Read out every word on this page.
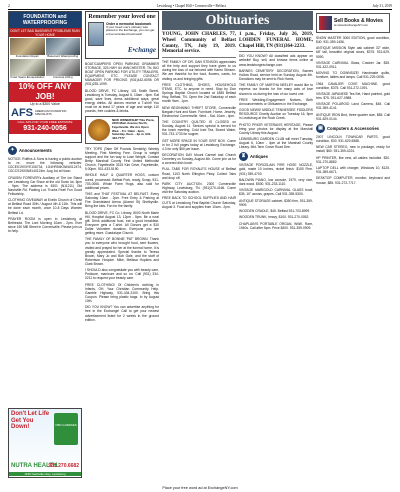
2	Lewisburg • Chapel Hill • Cornersville • Belfast	July 31, 2019
FOUNDATION and WATERPROOFING
DON'T LET BAD BASEMENT PROBLEMS RUIN YOUR HOME
Foundation Repair	Basement Waterproofing
Crawl Space Encapsulation	Concrete Lifting
10% OFF ANY JOB!
Up to a $300 Value
AFS AMERICAN FOUNDATION SPECIALISTS
CALL AFS FOR YOUR FREE ESTIMATE
931-240-0056
✦	Announcements
NOTICE: Ruffins & Sons is having a public auction to re- move the following vehicles: 1GCEK19V3YE106734, 1G4HR54K3WU012474, 1GCCS19X0N8140124m. Aug 1st at Noon.
CRUISIN FOREVER's Auxiliary of Tire Ice Stand are Lewisburg Car Show at the old Sonic lot. 5pm - 9pm. The address is 4501 (N11211) Old Nashville Rd. Parking Lot. Trucks Feat! Fun Good Fellowship.
CLOTHING GIVEAWAY at Evelin Church of Christ at Belfast Road 30th / August 4th & 11th. This will be done each month, once 10-8 Days Women Belfast Ld.
PRAYER ROOM is open in Lewisburg at Bethesda. The Lord Morning 10am - 2pm. Ever since 150 Mill Street in Cornersville. Please join us to help.
Don't Let Life Get You Down!	CBD GUMMIES
NUTRA HEALTH
931.270.6682
1195 Nashville Hwy, Lewisburg
Remember your loved one
Order a memorial bookmark
If your loved one's obituary was placed in the Exchange, you can get a free laminated bookmark!
E•change
BOAT/CAMPERS OPEN PARKING GRAMMER STORAGE, 323 HWY 64 WINCHESTER, TN. BIG BOAT OPEN PARKING FOR UTILITY TRAILERS, EQUIPMENT, ETC. PLEASE CONTACT MANAGER FOR PRICING (931)442-6098 OR (931)235-1099.
BLOOD DRIVE, FC Library, 101 Smith Street, Lewisburg is Tuesday, August 6, 10am - 6pm. Eat good, save lives, dress additional ways, great energy drinks. All donors receive a T-shirt! You must be at least 17 years of age and weigh 110 pounds, free cookies & drinks.
NEW OWNERSHIP Tibs Pizza, 2406 Main Avenue North, Fayetteville. We Are Open Wed. - Fri. 10am - 2pm, Saturday, 8a.m. - 2p.m. 931-433-7777
TRY TOPS (Take Off Pounds Sensibly) Weekly Meeting. First Meeting Free. Group is weight support and the fun way to Lose Weight. Contact Betty: Marshall County First United Methodist Church, Fayetteville 3315 Kim Drive, Fayetteville, 5:30pm. 931-433-5190.
WHOLE HALF & QUARTER HOGS, custom cured, processed. Belfast Pork, ready, Scrap, 931-703-0066. Whole Farm Hogs, also sold for additional prices.
THIS and THAT FESTIVAL AT BELFAST. Every Saturday 10am - 2pm. Free Entry & Parking at Fire Grandstand Arena (Alumni St) Shelbyville. Bring the kids. Fun for the family.
BLOOD DRIVE, FC Co. Library, 8000 North Marie Hill, Hospital August 13, 12pm - 5pm. Be a rural gift. Drink additional food, eat a good breakfast. Everyone gets a T-shirt. All Donors get a $10 Dollar Volunteer donation. Everyone you are getting more. Guadalupe Church.
THE FAMILY OF BONNIE 'PAT' BROWN. Thank you to everyone who brought food, sent flowers, visited and prayed for her at the funeral home. It is greatly appreciated. Special thanks to Teresa Brown, Mary Jo and Bob Gale, and the staff of Robertson Hospice. Mike, Melissa Hopkins and Clark Brown.
I SHOULD also congratulate you with beauty care, Pedicure, manicure and so on. Call (931) 334-0211 to request your beauty care.
FREE CLOTHING! Of Children's clothing in Infants, OH. Your Christian Community Help. Gamble Highway, 931-434-3100. Bring this Coupon. Please bring plastic bags. In by August 10th.
DID YOU KNOW? You can advertise anything for free in the Exchange! Call to get your newest advertisement listed for 2 weeks in the ground edition.
Obituaries
YOUNG, JOHN CHARLES, 77, Wheel Community of Belfast County, TN, July 19, 2019. Memorial service.
THE FAMILY OF DR. DAN STINSON appreciates all the help and support they have given to us during the loss of our beloved wife Karen Stinson. We are thankful for the food, flowers, cards, for visiting us and bringing gifts.
FREE CLOTHING, SHOES, HOUSEHOLD ITEMS, ETC. to anyone in need. Stop by Zion Springs Baptist Church located at 1885 Belfast Hwy, Belfast, TN. Open the 2nd Saturday of each month 9am - 1pm.
NEW BEGINNING THRIFT STORE, Cornersville Bargain Hunt and More. Furniture, Home, Jewelry, Electronics! Cornersville. Wed. - Sat. 10am - 4pm.
THE COUNTRY QUILTED IS CLOSED on Sunday, August 11. Seniors special is served for the lunch meeting. Cold Iced Tea, Boxed Water, 931-733-1733 for supper.
GET MORE SPACE IN YOUR GRIT BOX. Come in for 2 full pages today at Lewisburg Exchange. 4.3 for only $50 per issue.
DECORATION DAY Mount Carmel and Church Cemetery on Sunday, August 4th. Come join us for a covered dish lunch.
PULL TABS FOR ROYALE'S HOUSE of Belfast Road, 1103 North Ellington Pkwy. Collect Tabs and drop off.
PARK CITY AUCTION. 2300 Cornersville Highway, Lewisburg, TN. (931)270-4166. Come visit the Saturday auction.
FREE BACK TO SCHOOL SUPPLIES AND HAIR CUTS at Lewisburg First Baptist Church Saturday, August 3. Food and supplies from 10am - 2pm.
1 p.m., Friday, July 26, 2019, LOHDEN FUNERAL HOME, Chapel Hill, TN (931)364-2233.
DID YOU KNOW? All classified ads appear on website! Buy, sell, and browse items online at www.lewisburgexchange.com.
BARNES CEMETERY DECORATION, Barnes Hollow Road, service held on Sunday, August 4th. Donations may be sent to Rick Harris.
THE FAMILY OF MARTHA NEELEY would like to express our thanks for the many acts of love shown to us during the loss of our loved one.
FREE Wedding-Engagement Notices, Birth Announcements or Obituaries in the Exchange.
GOOD NEWS! MIDDLE TENNESSEE FIDDLERS RESOURCE Charity Auction on Tuesday 16, 5pm in Lewisburg at the Rock Creek.
PHOTO PRIOR VETERAN'S HERITAGE, Please bring your photos for display at the Marshall County Library this August.
LEWISBURG GARDEN CLUB will meet Tuesday, August 6, 10am - 4pm at the Marshall County Library. Mid-Tenn Grove Road Dee.
♜	Antiques
VINTAGE PORCELAIN FIRE HOSE NOZZLE, gold, made 10 inches, nickel finish. $150 Firm. (931) 359-4700.
BALDWIN PIANO, low console, 1979, very nice, dark wood. $500. 931-233-1110.
VINTAGE MARIGOLD CARNIVAL GLASS bowl, $35. 10" across, grapes. Call 931-359-5300.
ANTIQUE STORAGE cabinet, $350 firm, 931-359-9909.
WOODEN CRADLE, $45. Belfast 931-703-6999.
WOODEN TRUNK, heavy, $100. 931-270-0052.
CHAPLAIN'S PORTABLE ORGAN, WWII. Rare, 1940s. Call after 5pm. Price $400. 931-359-0909.
Sell Books & Movies
at www.ExchangeNY.com
SNOW MASTER 3000 EDITION, good condition, $40. 931-359-1456.
ANTIQUE MISSION Style oak cabinet 32" wide, 68" tall, beautiful original doors, $375. 931-629-9090.
VINTAGE CARNIVAL Glass, Cracker Jar. $35. 931-422-0911.
MOVING TO DOWNSIZE! Handmade quilts, furniture, tables and lamps. Call 931-229-0096.
1964 CAVALIER COKE MACHINE, good condition, $375. Call 931-272-1091.
VINTAGE JAPANESE Tea Set, Hand painted, gold trim. $75. 931-627-0988.
VINTAGE POLAROID Land Camera, $45. Call 931-359-4141.
ANTIQUE IRON Bed, three quarter size, $85. Call 931-629-0144.
▣ Computers & Accessories
2007 LINCOLN TOWNCAR PARTS, good condition, $30. 931-629-5588.
NEW CAR STEREO, new in package, ready for install, $60. 931-359-4224.
HP PRINTER, like new, all cables included. $30. 931-270-8882.
LAPTOP DELL with charger, Windows 10, $125. 931-359-6671.
DESKTOP COMPUTER, monitor, keyboard and mouse, $85. 931-272-7717.
Place your free word ad at ExchangeNY.com
